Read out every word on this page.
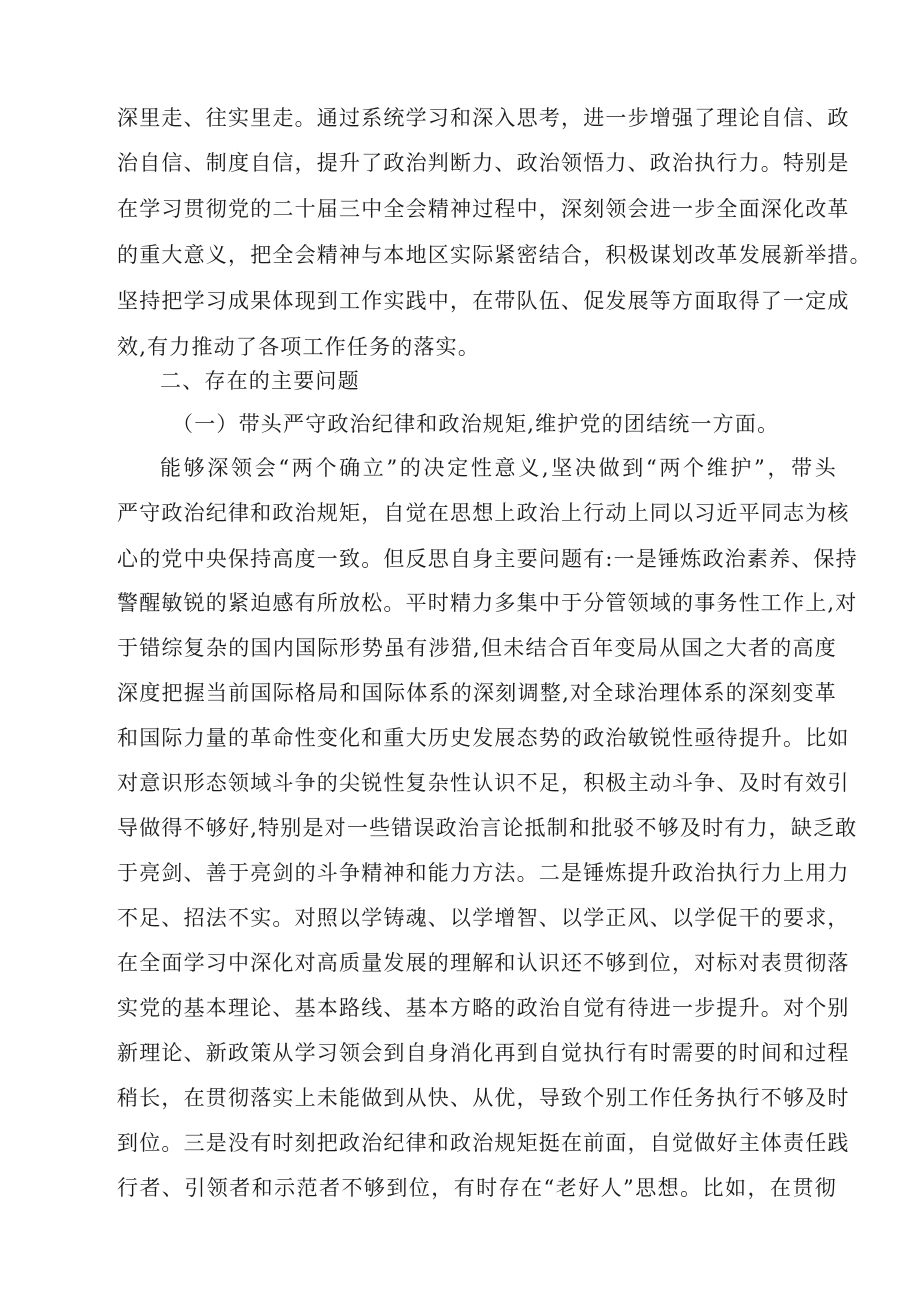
深里走、往实里走。通过系统学习和深入思考，进一步增强了理论自信、政
治自信、制度自信，提升了政治判断力、政治领悟力、政治执行力。特别是
在学习贯彻党的二十届三中全会精神过程中，深刻领会进一步全面深化改革
的重大意义，把全会精神与本地区实际紧密结合，积极谋划改革发展新举措。
坚持把学习成果体现到工作实践中，在带队伍、促发展等方面取得了一定成
效,有力推动了各项工作任务的落实。
二、存在的主要问题
（一）带头严守政治纪律和政治规矩,维护党的团结统一方面。
能够深领会“两个确立”的决定性意义,坚决做到“两个维护”，带头
严守政治纪律和政治规矩，自觉在思想上政治上行动上同以习近平同志为核
心的党中央保持高度一致。但反思自身主要问题有:一是锤炼政治素养、保持
警醒敏锐的紧迫感有所放松。平时精力多集中于分管领域的事务性工作上,对
于错综复杂的国内国际形势虽有涉猎,但未结合百年变局从国之大者的高度
深度把握当前国际格局和国际体系的深刻调整,对全球治理体系的深刻变革
和国际力量的革命性变化和重大历史发展态势的政治敏锐性亟待提升。比如
对意识形态领域斗争的尖锐性复杂性认识不足，积极主动斗争、及时有效引
导做得不够好,特别是对一些错误政治言论抵制和批驳不够及时有力，缺乏敢
于亮剑、善于亮剑的斗争精神和能力方法。二是锤炼提升政治执行力上用力
不足、招法不实。对照以学铸魂、以学增智、以学正风、以学促干的要求，
在全面学习中深化对高质量发展的理解和认识还不够到位，对标对表贯彻落
实党的基本理论、基本路线、基本方略的政治自觉有待进一步提升。对个别
新理论、新政策从学习领会到自身消化再到自觉执行有时需要的时间和过程
稍长，在贯彻落实上未能做到从快、从优，导致个别工作任务执行不够及时
到位。三是没有时刻把政治纪律和政治规矩挺在前面，自觉做好主体责任践
行者、引领者和示范者不够到位，有时存在“老好人”思想。比如，在贯彻
